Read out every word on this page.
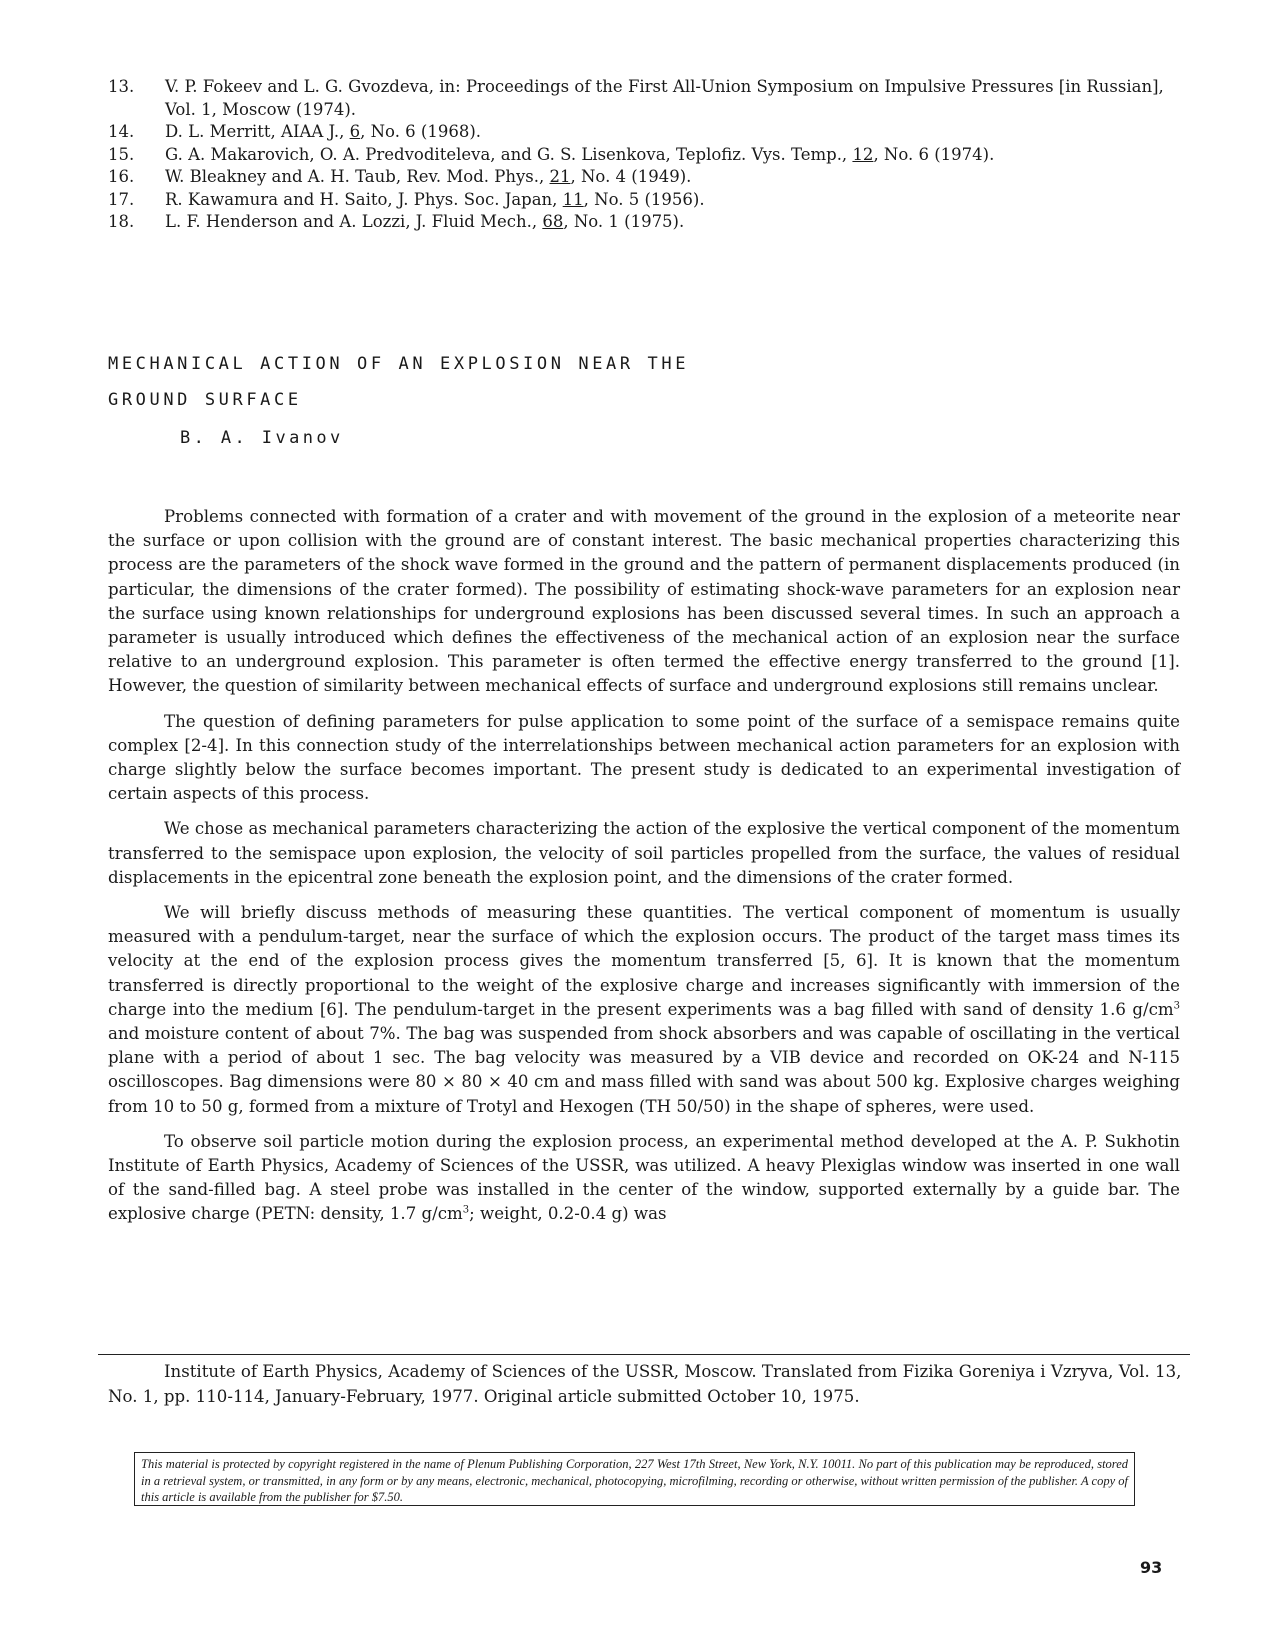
13.	V. P. Fokeev and L. G. Gvozdeva, in: Proceedings of the First All-Union Symposium on Impulsive Pressures [in Russian], Vol. 1, Moscow (1974).
14.	D. L. Merritt, AIAA J., 6, No. 6 (1968).
15.	G. A. Makarovich, O. A. Predvoditeleva, and G. S. Lisenkova, Teplofiz. Vys. Temp., 12, No. 6 (1974).
16.	W. Bleakney and A. H. Taub, Rev. Mod. Phys., 21, No. 4 (1949).
17.	R. Kawamura and H. Saito, J. Phys. Soc. Japan, 11, No. 5 (1956).
18.	L. F. Henderson and A. Lozzi, J. Fluid Mech., 68, No. 1 (1975).
MECHANICAL ACTION OF AN EXPLOSION NEAR THE
GROUND SURFACE
B. A. Ivanov

Problems connected with formation of a crater and with movement of the ground in the explosion of a meteorite near the surface or upon collision with the ground are of constant interest. The basic mechanical properties characterizing this process are the parameters of the shock wave formed in the ground and the pattern of permanent displacements produced (in particular, the dimensions of the crater formed). The possibility of estimating shock-wave parameters for an explosion near the surface using known relationships for underground explosions has been discussed several times. In such an approach a parameter is usually introduced which defines the effectiveness of the mechanical action of an explosion near the surface relative to an underground explosion. This parameter is often termed the effective energy transferred to the ground [1]. However, the question of similarity between mechanical effects of surface and underground explosions still remains unclear.

The question of defining parameters for pulse application to some point of the surface of a semispace remains quite complex [2-4]. In this connection study of the interrelationships between mechanical action parameters for an explosion with charge slightly below the surface becomes important. The present study is dedicated to an experimental investigation of certain aspects of this process.

We chose as mechanical parameters characterizing the action of the explosive the vertical component of the momentum transferred to the semispace upon explosion, the velocity of soil particles propelled from the surface, the values of residual displacements in the epicentral zone beneath the explosion point, and the dimensions of the crater formed.

We will briefly discuss methods of measuring these quantities. The vertical component of momentum is usually measured with a pendulum-target, near the surface of which the explosion occurs. The product of the target mass times its velocity at the end of the explosion process gives the momentum transferred [5, 6]. It is known that the momentum transferred is directly proportional to the weight of the explosive charge and increases significantly with immersion of the charge into the medium [6]. The pendulum-target in the present experiments was a bag filled with sand of density 1.6 $g/cm^3$ and moisture content of about 7%. The bag was suspended from shock absorbers and was capable of oscillating in the vertical plane with a period of about 1 sec. The bag velocity was measured by a VIB device and recorded on OK-24 and N-115 oscilloscopes. Bag dimensions were 80 × 80 × 40 cm and mass filled with sand was about 500 kg. Explosive charges weighing from 10 to 50 g, formed from a mixture of Trotyl and Hexogen (TH 50/50) in the shape of spheres, were used.

To observe soil particle motion during the explosion process, an experimental method developed at the A. P. Sukhotin Institute of Earth Physics, Academy of Sciences of the USSR, was utilized. A heavy Plexiglas window was inserted in one wall of the sand-filled bag. A steel probe was installed in the center of the window, supported externally by a guide bar. The explosive charge (PETN: density, 1.7 $g/cm^3$; weight, 0.2-0.4 g) was

Institute of Earth Physics, Academy of Sciences of the USSR, Moscow. Translated from Fizika Goreniya i Vzryva, Vol. 13, No. 1, pp. 110-114, January-February, 1977. Original article submitted October 10, 1975.
This material is protected by copyright registered in the name of Plenum Publishing Corporation, 227 West 17th Street, New York, N.Y. 10011. No part of this publication may be reproduced, stored in a retrieval system, or transmitted, in any form or by any means, electronic, mechanical, photocopying, microfilming, recording or otherwise, without written permission of the publisher. A copy of this article is available from the publisher for $7.50.
93
